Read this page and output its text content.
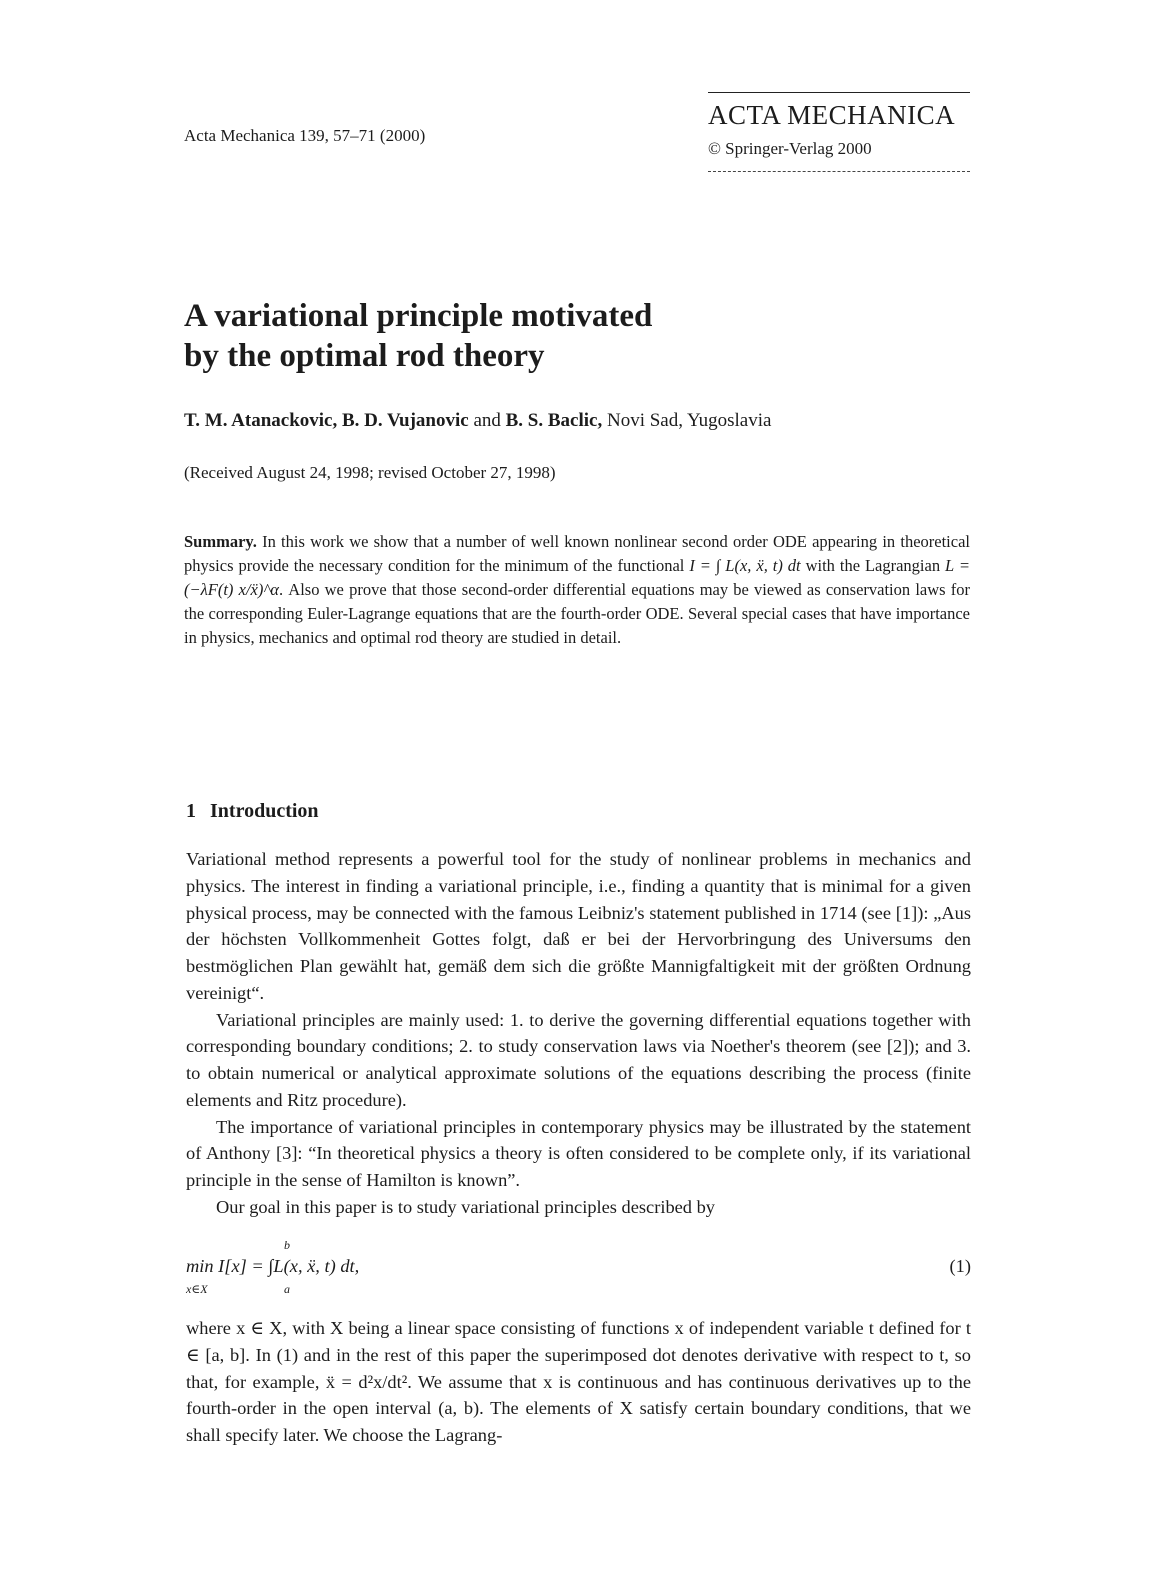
Acta Mechanica 139, 57–71 (2000)
ACTA MECHANICA
© Springer-Verlag 2000
A variational principle motivated
by the optimal rod theory
T. M. Atanackovic, B. D. Vujanovic and B. S. Baclic, Novi Sad, Yugoslavia
(Received August 24, 1998; revised October 27, 1998)
Summary. In this work we show that a number of well known nonlinear second order ODE appearing in theoretical physics provide the necessary condition for the minimum of the functional I = ∫ L(x, ẍ, t) dt with the Lagrangian L = (−λF(t) x/ẍ)^α. Also we prove that those second-order differential equations may be viewed as conservation laws for the corresponding Euler-Lagrange equations that are the fourth-order ODE. Several special cases that have importance in physics, mechanics and optimal rod theory are studied in detail.
1 Introduction

Variational method represents a powerful tool for the study of nonlinear problems in mechanics and physics. The interest in finding a variational principle, i.e., finding a quantity that is minimal for a given physical process, may be connected with the famous Leibniz's statement published in 1714 (see [1]): „Aus der höchsten Vollkommenheit Gottes folgt, daß er bei der Hervorbringung des Universums den bestmöglichen Plan gewählt hat, gemäß dem sich die größte Mannigfaltigkeit mit der größten Ordnung vereinigt“.

Variational principles are mainly used: 1. to derive the governing differential equations together with corresponding boundary conditions; 2. to study conservation laws via Noether's theorem (see [2]); and 3. to obtain numerical or analytical approximate solutions of the equations describing the process (finite elements and Ritz procedure).

The importance of variational principles in contemporary physics may be illustrated by the statement of Anthony [3]: “In theoretical physics a theory is often considered to be complete only, if its variational principle in the sense of Hamilton is known”.

Our goal in this paper is to study variational principles described by

b
min I[x] = ∫L(x, ẍ, t) dt,
x∈X	a
(1)

where x ∈ X, with X being a linear space consisting of functions x of independent variable t defined for t ∈ [a, b]. In (1) and in the rest of this paper the superimposed dot denotes derivative with respect to t, so that, for example, ẍ = d²x/dt². We assume that x is continuous and has continuous derivatives up to the fourth-order in the open interval (a, b). The elements of X satisfy certain boundary conditions, that we shall specify later. We choose the Lagrang-
